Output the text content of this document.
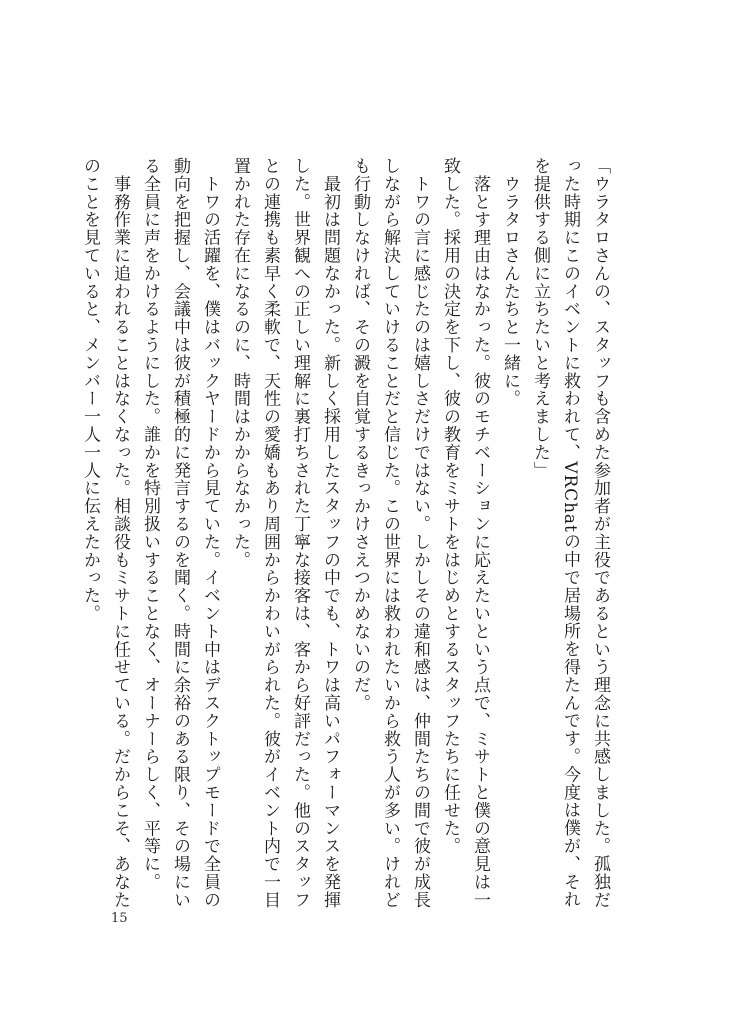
「ウラタロさんの、スタッフも含めた参加者が主役であるという理念に共感しました。孤独だった時期にこのイベントに救われて、VRChatの中で居場所を得たんです。今度は僕が、それを提供する側に立ちたいと考えました」

　ウラタロさんたちと一緒に。

　落とす理由はなかった。彼のモチベーションに応えたいという点で、ミサトと僕の意見は一致した。採用の決定を下し、彼の教育をミサトをはじめとするスタッフたちに任せた。

　トワの言に感じたのは嬉しさだけではない。しかしその違和感は、仲間たちの間で彼が成長しながら解決していけることだと信じた。この世界には救われたいから救う人が多い。けれども行動しなければ、その澱を自覚するきっかけさえつかめないのだ。

　最初は問題なかった。新しく採用したスタッフの中でも、トワは高いパフォーマンスを発揮した。世界観への正しい理解に裏打ちされた丁寧な接客は、客から好評だった。他のスタッフとの連携も素早く柔軟で、天性の愛嬌もあり周囲からかわいがられた。彼がイベント内で一目置かれた存在になるのに、時間はかからなかった。

　トワの活躍を、僕はバックヤードから見ていた。イベント中はデスクトップモードで全員の動向を把握し、会議中は彼が積極的に発言するのを聞く。時間に余裕のある限り、その場にいる全員に声をかけるようにした。誰かを特別扱いすることなく、オーナーらしく、平等に。

　事務作業に追われることはなくなった。相談役もミサトに任せている。だからこそ、あなたのことを見ていると、メンバー一人一人に伝えたかった。

15
